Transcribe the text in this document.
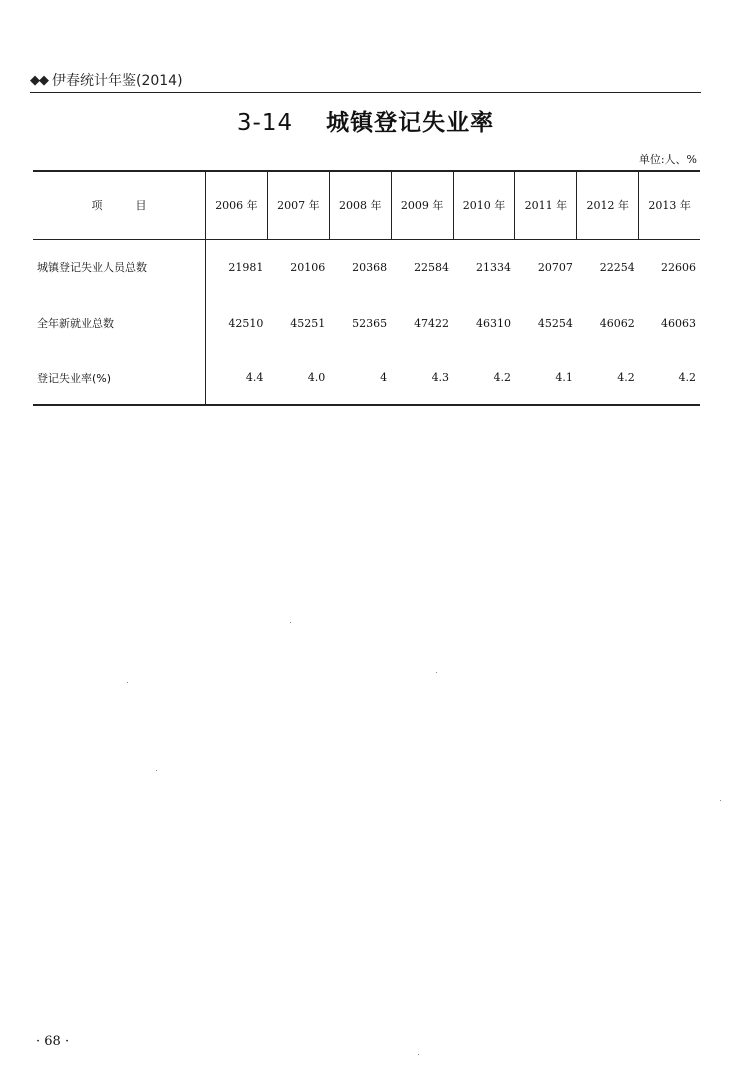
◆◆ 伊春统计年鉴(2014)
3-14 城镇登记失业率
单位:人、%
项　　　目	2006 年	2007 年	2008 年	2009 年	2010 年	2011 年	2012 年	2013 年
城镇登记失业人员总数	21981	20106	20368	22584	21334	20707	22254	22606
全年新就业总数	42510	45251	52365	47422	46310	45254	46062	46063
登记失业率(%)	4.4	4.0	4	4.3	4.2	4.1	4.2	4.2
· 68 ·
